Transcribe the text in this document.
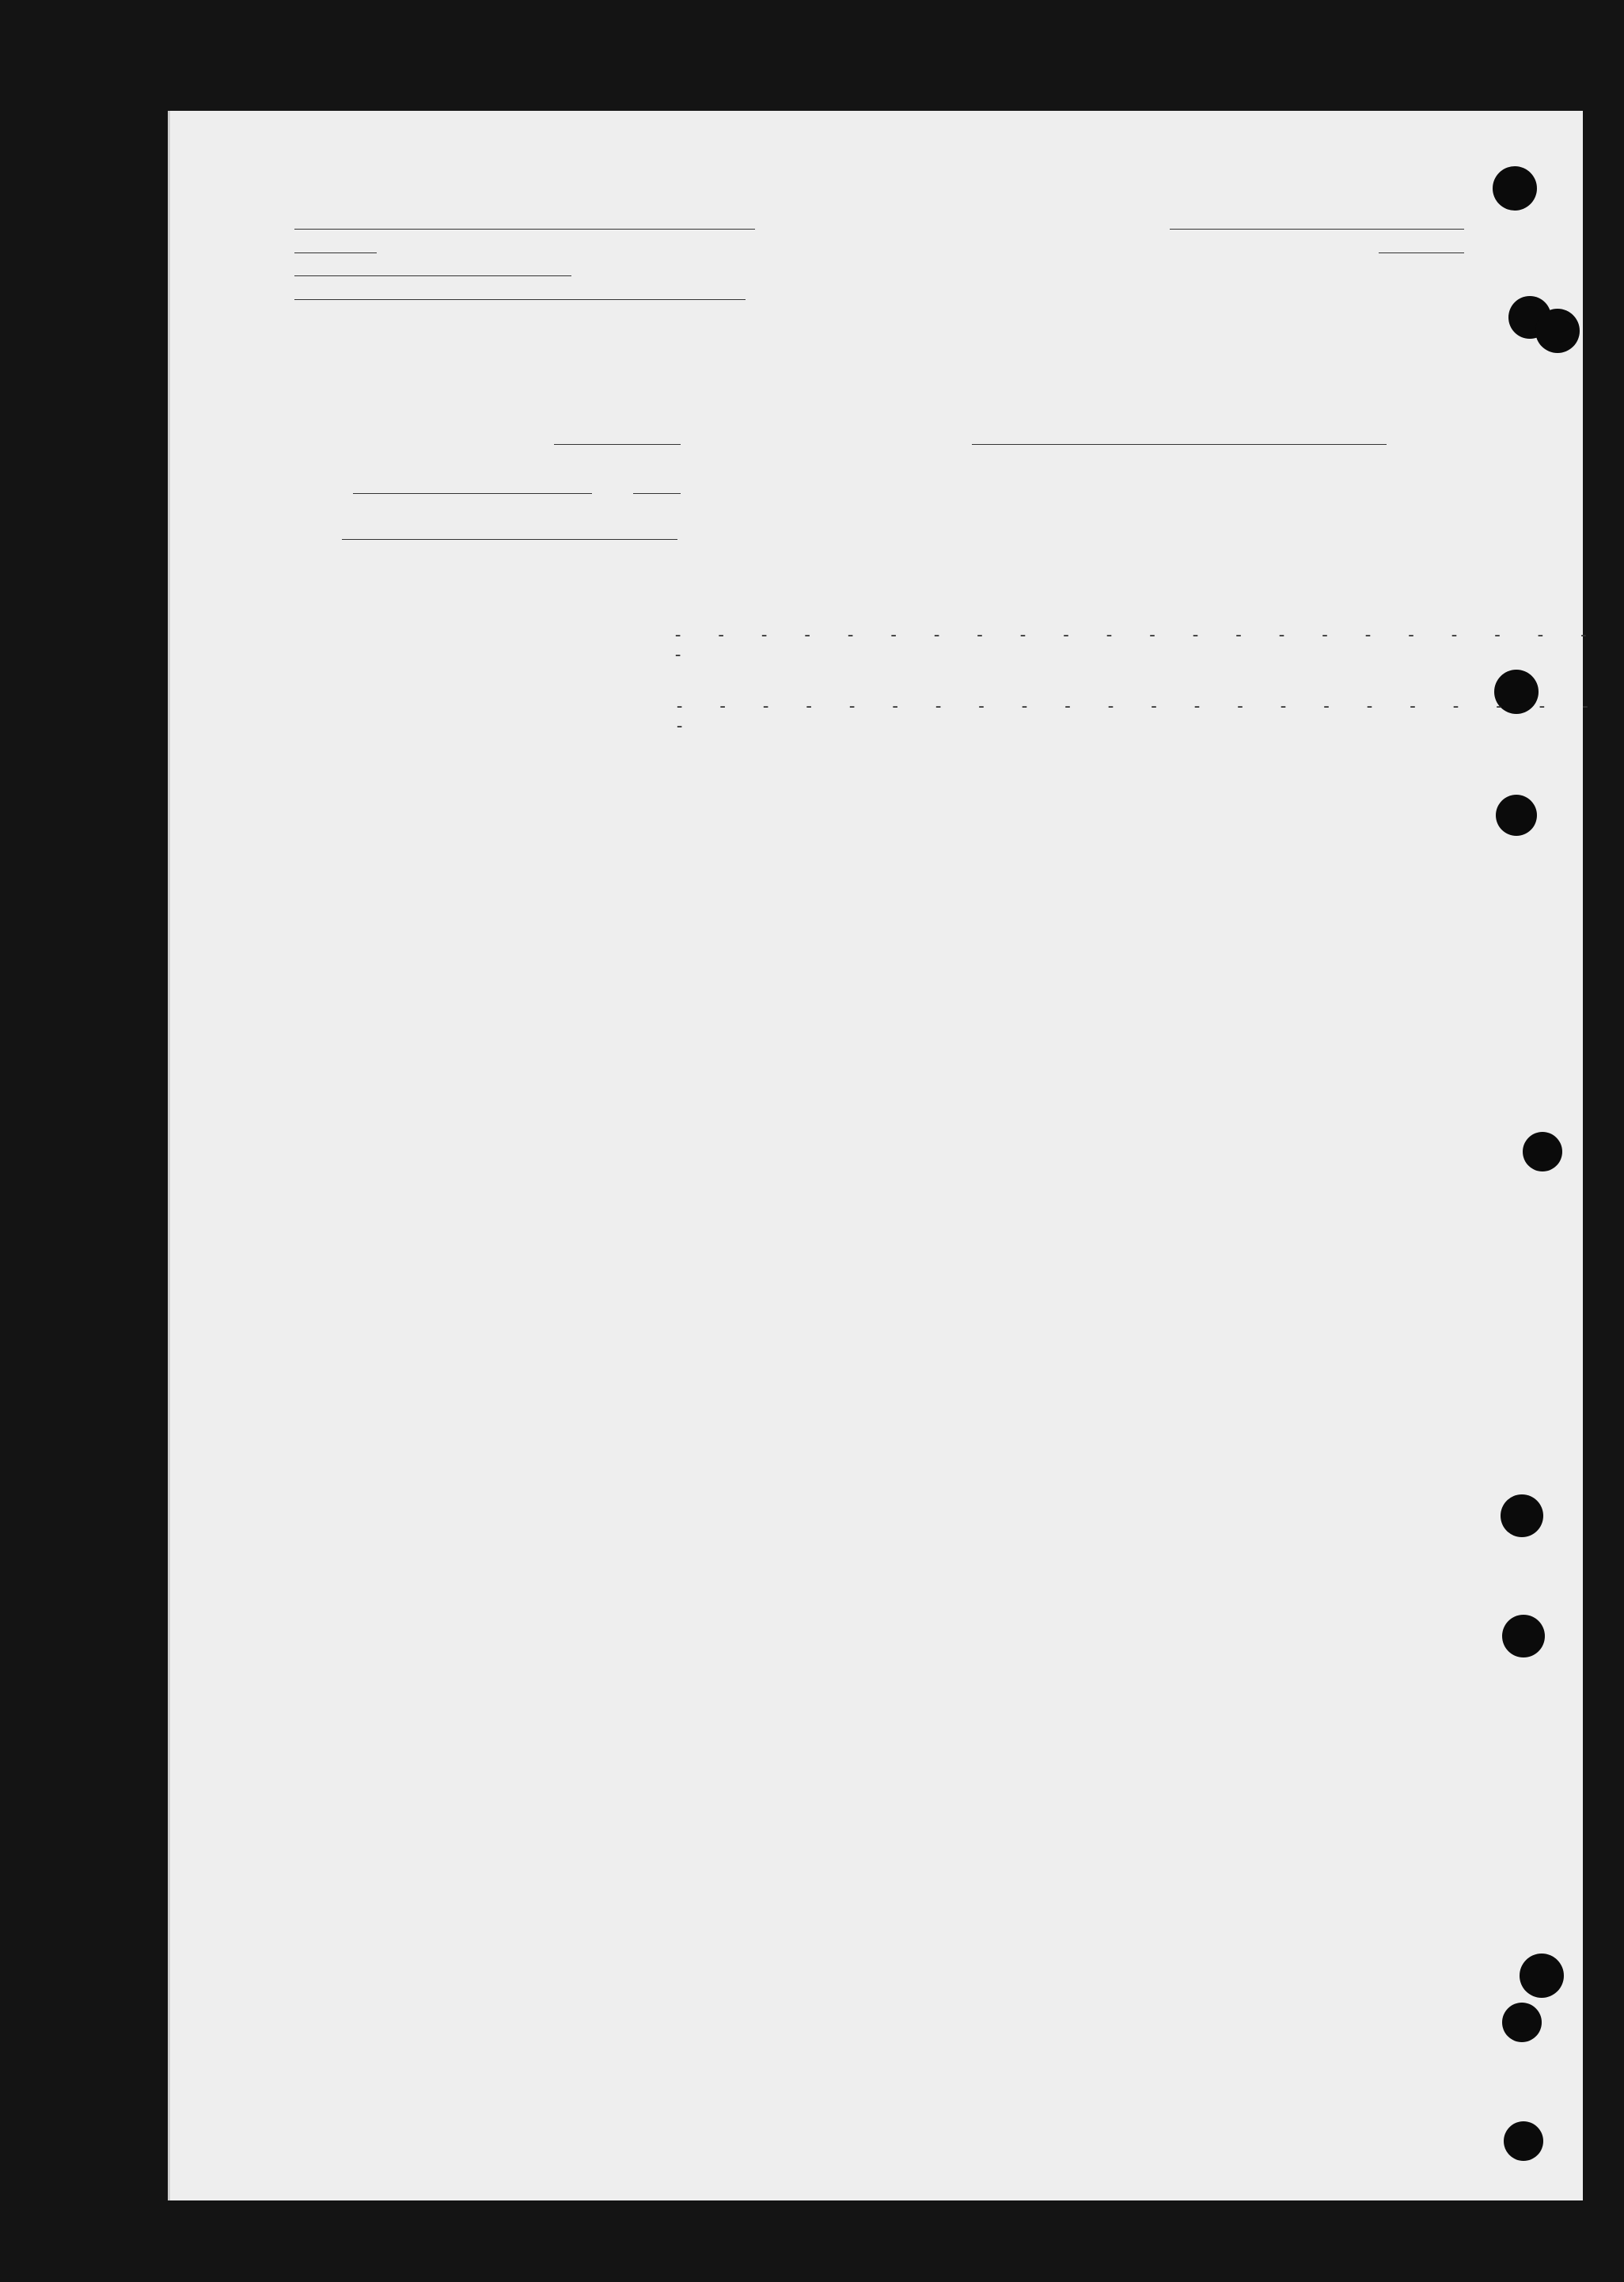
- - - - - - - - - - - - - - - - - - - - - - -
- - - - - - - - - - - - - - - - - - - - - - -
